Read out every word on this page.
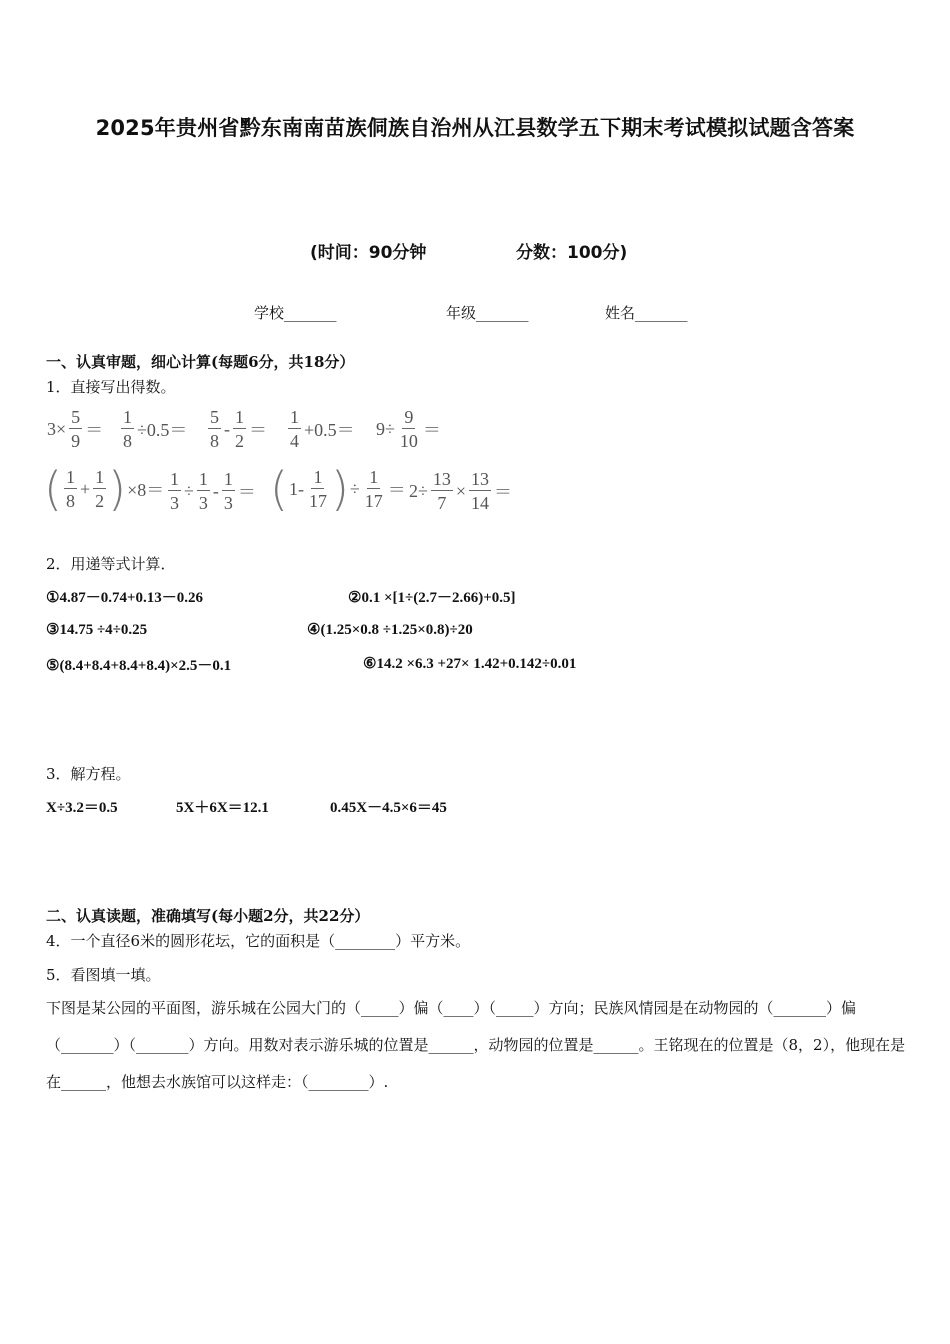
2025年贵州省黔东南南苗族侗族自治州从江县数学五下期末考试模拟试题含答案
(时间：90分钟	分数：100分)
学校_______	年级_______	姓名_______
一、认真审题，细心计算(每题6分，共18分）
1．直接写出得数。
$3\times \frac{5}{9} = \frac{1}{8} \div 0.5= \frac{5}{8} - \frac{1}{2} = \frac{1}{4} +0.5= 9\div \frac{9}{10}$ ＝
( $\frac{1}{8} + \frac{1}{2} )\times 8= \frac{1}{3} \div \frac{1}{3} - \frac{1}{3} = (1- \frac{1}{17}$ )÷ $\frac{1}{17} = 2\div \frac{13}{7} \times \frac{13}{14}$ ＝
2．用递等式计算．
①4.87－0.74+0.13－0.26	②0.1 ×[1÷(2.7－2.66)+0.5]
③14.75 ÷4÷0.25	④(1.25×0.8 ÷1.25×0.8)÷20
⑤(8.4+8.4+8.4+8.4)×2.5－0.1	⑥14.2 ×6.3 +27× 1.42+0.142÷0.01
3．解方程。
X÷3.2＝0.5	5X＋6X＝12.1	0.45X－4.5×6＝45
二、认真读题，准确填写(每小题2分，共22分）
4．一个直径6米的圆形花坛，它的面积是（________）平方米。
5．看图填一填。
下图是某公园的平面图，游乐城在公园大门的（_____）偏（____）（_____）方向；民族风情园是在动物园的（_______）偏（_______）（_______）方向。用数对表示游乐城的位置是______，动物园的位置是______。王铭现在的位置是（8，2），他现在是在______，他想去水族馆可以这样走：（________）.
